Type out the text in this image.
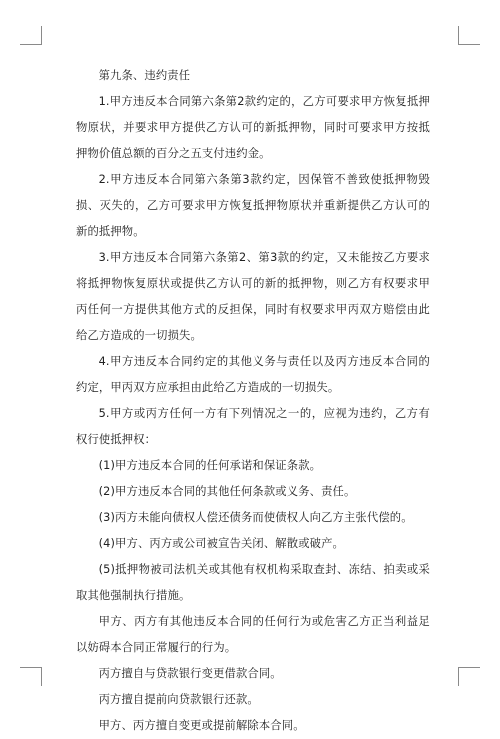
第九条、违约责任

1.甲方违反本合同第六条第2款约定的，乙方可要求甲方恢复抵押物原状，并要求甲方提供乙方认可的新抵押物，同时可要求甲方按抵押物价值总额的百分之五支付违约金。

2.甲方违反本合同第六条第3款约定，因保管不善致使抵押物毁损、灭失的，乙方可要求甲方恢复抵押物原状并重新提供乙方认可的新的抵押物。

3.甲方违反本合同第六条第2、第3款的约定，又未能按乙方要求将抵押物恢复原状或提供乙方认可的新的抵押物，则乙方有权要求甲丙任何一方提供其他方式的反担保，同时有权要求甲丙双方赔偿由此给乙方造成的一切损失。

4.甲方违反本合同约定的其他义务与责任以及丙方违反本合同的约定，甲丙双方应承担由此给乙方造成的一切损失。

5.甲方或丙方任何一方有下列情况之一的，应视为违约，乙方有权行使抵押权：

(1)甲方违反本合同的任何承诺和保证条款。

(2)甲方违反本合同的其他任何条款或义务、责任。

(3)丙方未能向债权人偿还债务而使债权人向乙方主张代偿的。

(4)甲方、丙方或公司被宣告关闭、解散或破产。

(5)抵押物被司法机关或其他有权机构采取查封、冻结、拍卖或采取其他强制执行措施。

甲方、丙方有其他违反本合同的任何行为或危害乙方正当利益足以妨碍本合同正常履行的行为。

丙方擅自与贷款银行变更借款合同。

丙方擅自提前向贷款银行还款。

甲方、丙方擅自变更或提前解除本合同。
